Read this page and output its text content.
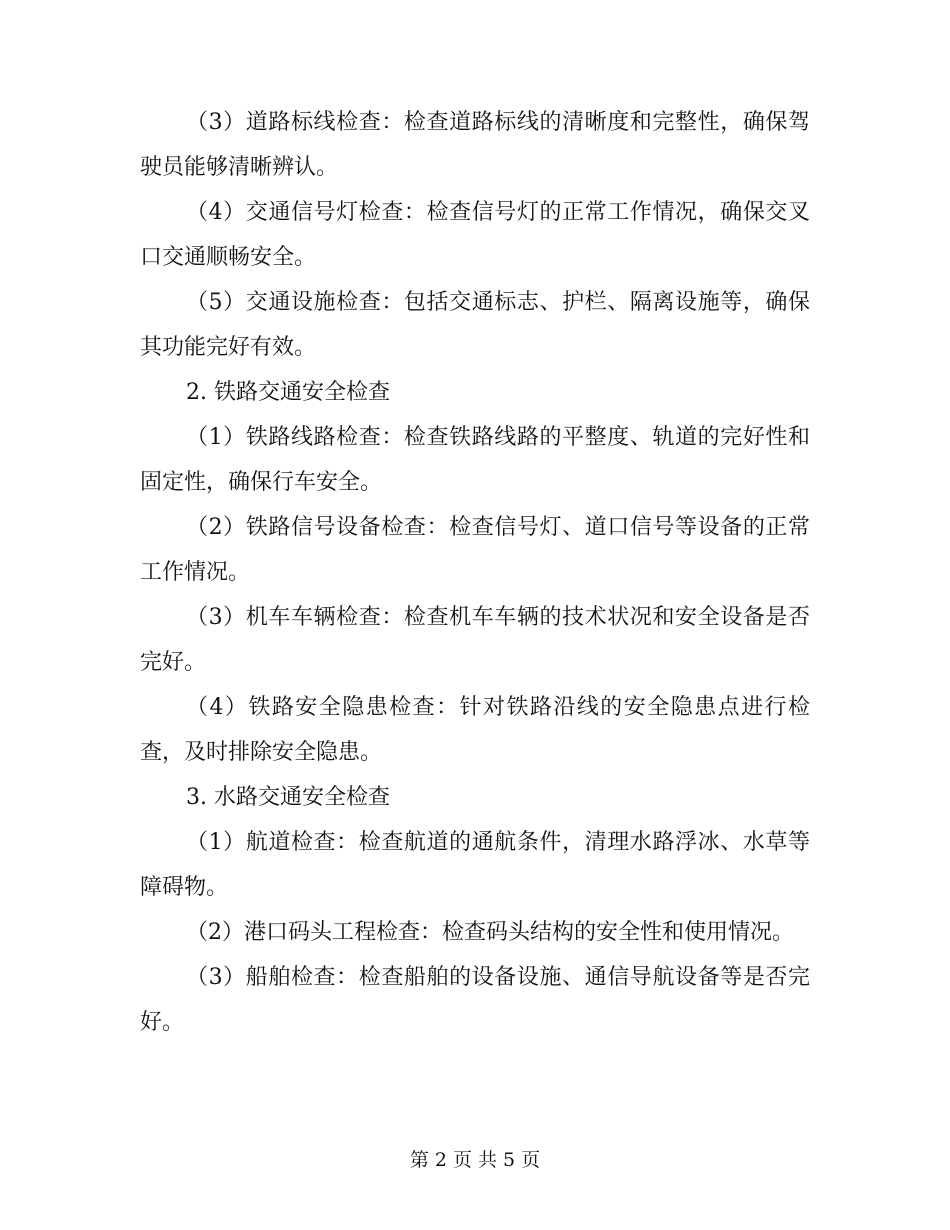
（3）道路标线检查：检查道路标线的清晰度和完整性，确保驾驶员能够清晰辨认。

（4）交通信号灯检查：检查信号灯的正常工作情况，确保交叉口交通顺畅安全。

（5）交通设施检查：包括交通标志、护栏、隔离设施等，确保其功能完好有效。

2. 铁路交通安全检查

（1）铁路线路检查：检查铁路线路的平整度、轨道的完好性和固定性，确保行车安全。

（2）铁路信号设备检查：检查信号灯、道口信号等设备的正常工作情况。

（3）机车车辆检查：检查机车车辆的技术状况和安全设备是否完好。

（4）铁路安全隐患检查：针对铁路沿线的安全隐患点进行检查，及时排除安全隐患。

3. 水路交通安全检查

（1）航道检查：检查航道的通航条件，清理水路浮冰、水草等障碍物。

（2）港口码头工程检查：检查码头结构的安全性和使用情况。

（3）船舶检查：检查船舶的设备设施、通信导航设备等是否完好。

第 2 页 共 5 页
